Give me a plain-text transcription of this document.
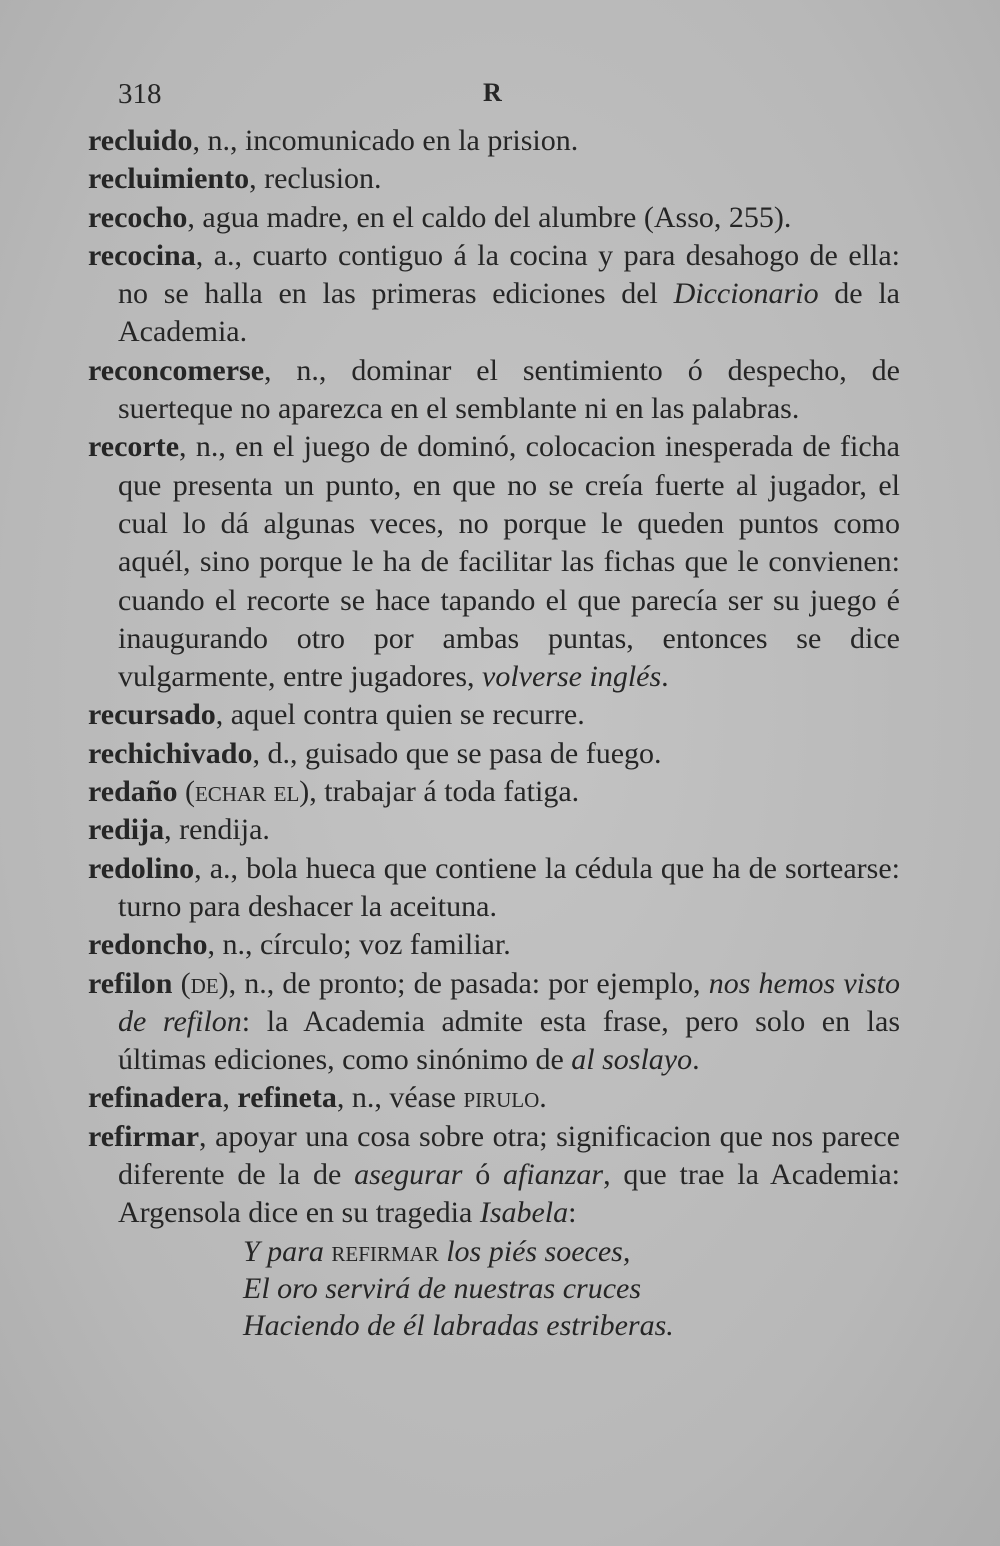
318	R
recluido, n., incomunicado en la prision.
recluimiento, reclusion.
recocho, agua madre, en el caldo del alumbre (Asso, 255).
recocina, a., cuarto contiguo á la cocina y para desahogo de ella: no se halla en las primeras ediciones del Diccionario de la Academia.
reconcomerse, n., dominar el sentimiento ó despecho, de suerteque no aparezca en el semblante ni en las palabras.
recorte, n., en el juego de dominó, colocacion inesperada de ficha que presenta un punto, en que no se creía fuerte al jugador, el cual lo dá algunas veces, no porque le queden puntos como aquél, sino porque le ha de facilitar las fichas que le convienen: cuando el recorte se hace tapando el que parecía ser su juego é inaugurando otro por ambas puntas, entonces se dice vulgarmente, entre jugadores, volverse inglés.
recursado, aquel contra quien se recurre.
rechichivado, d., guisado que se pasa de fuego.
redaño (echar el), trabajar á toda fatiga.
redija, rendija.
redolino, a., bola hueca que contiene la cédula que ha de sortearse: turno para deshacer la aceituna.
redoncho, n., círculo; voz familiar.
refilon (de), n., de pronto; de pasada: por ejemplo, nos hemos visto de refilon: la Academia admite esta frase, pero solo en las últimas ediciones, como sinónimo de al soslayo.
refinadera, refineta, n., véase pirulo.
refirmar, apoyar una cosa sobre otra; significacion que nos parece diferente de la de asegurar ó afianzar, que trae la Academia: Argensola dice en su tragedia Isabela:
Y para refirmar los piés soeces,
El oro servirá de nuestras cruces
Haciendo de él labradas estriberas.
